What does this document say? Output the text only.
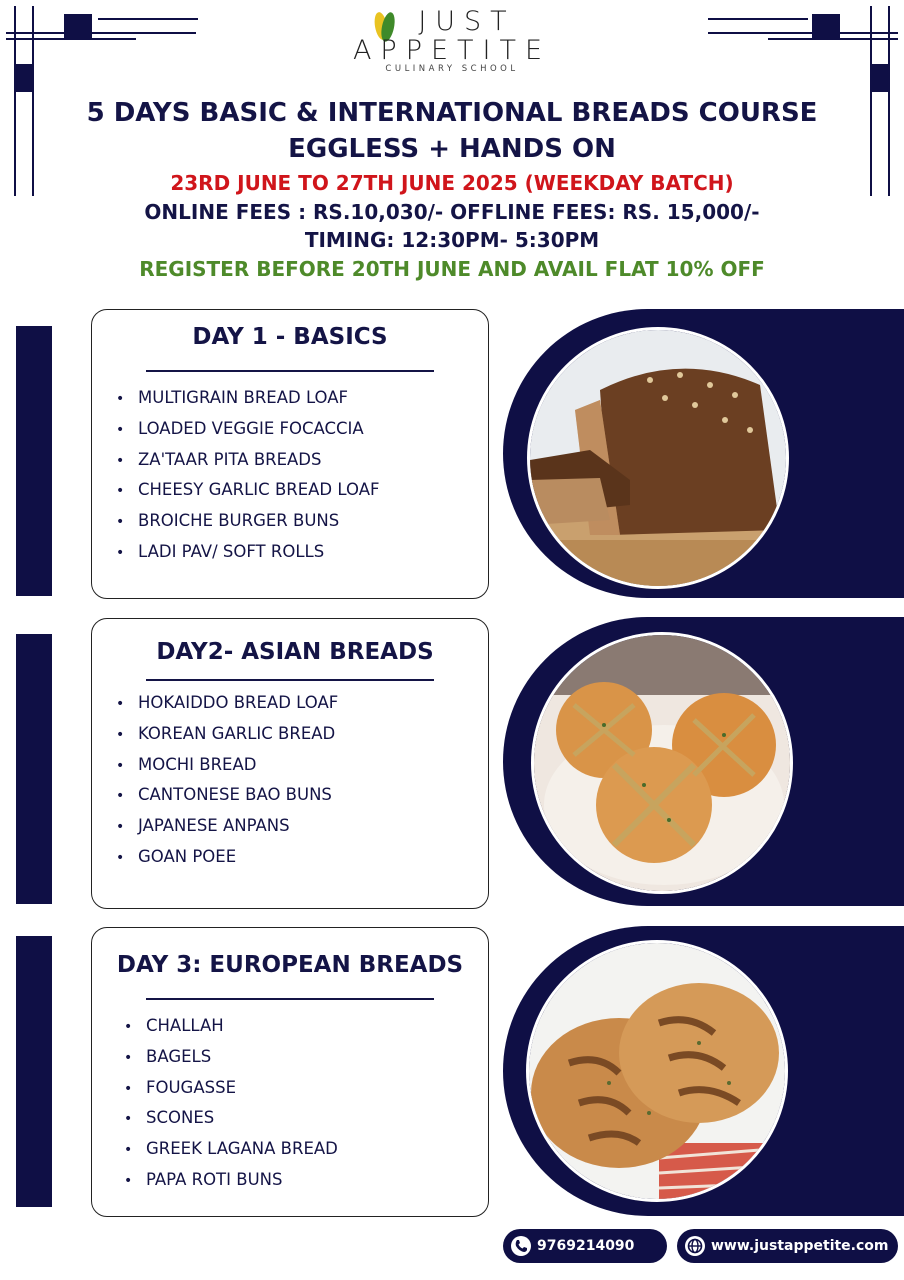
JUST
APPETITE
CULINARY SCHOOL
5 DAYS BASIC & INTERNATIONAL BREADS COURSE
EGGLESS + HANDS ON
23RD JUNE TO 27TH JUNE 2025 (WEEKDAY BATCH)
ONLINE FEES : RS.10,030/- OFFLINE FEES: RS. 15,000/-
TIMING: 12:30PM- 5:30PM
REGISTER BEFORE 20TH JUNE AND AVAIL FLAT 10% OFF
DAY 1 - BASICS
• MULTIGRAIN BREAD LOAF
• LOADED VEGGIE FOCACCIA
• ZA'TAAR PITA BREADS
• CHEESY GARLIC BREAD LOAF
• BROICHE BURGER BUNS
• LADI PAV/ SOFT ROLLS
DAY2- ASIAN BREADS
• HOKAIDDO BREAD LOAF
• KOREAN GARLIC BREAD
• MOCHI BREAD
• CANTONESE BAO BUNS
• JAPANESE ANPANS
• GOAN POEE
DAY 3: EUROPEAN BREADS
• CHALLAH
• BAGELS
• FOUGASSE
• SCONES
• GREEK LAGANA BREAD
• PAPA ROTI BUNS
9769214090	www.justappetite.com
